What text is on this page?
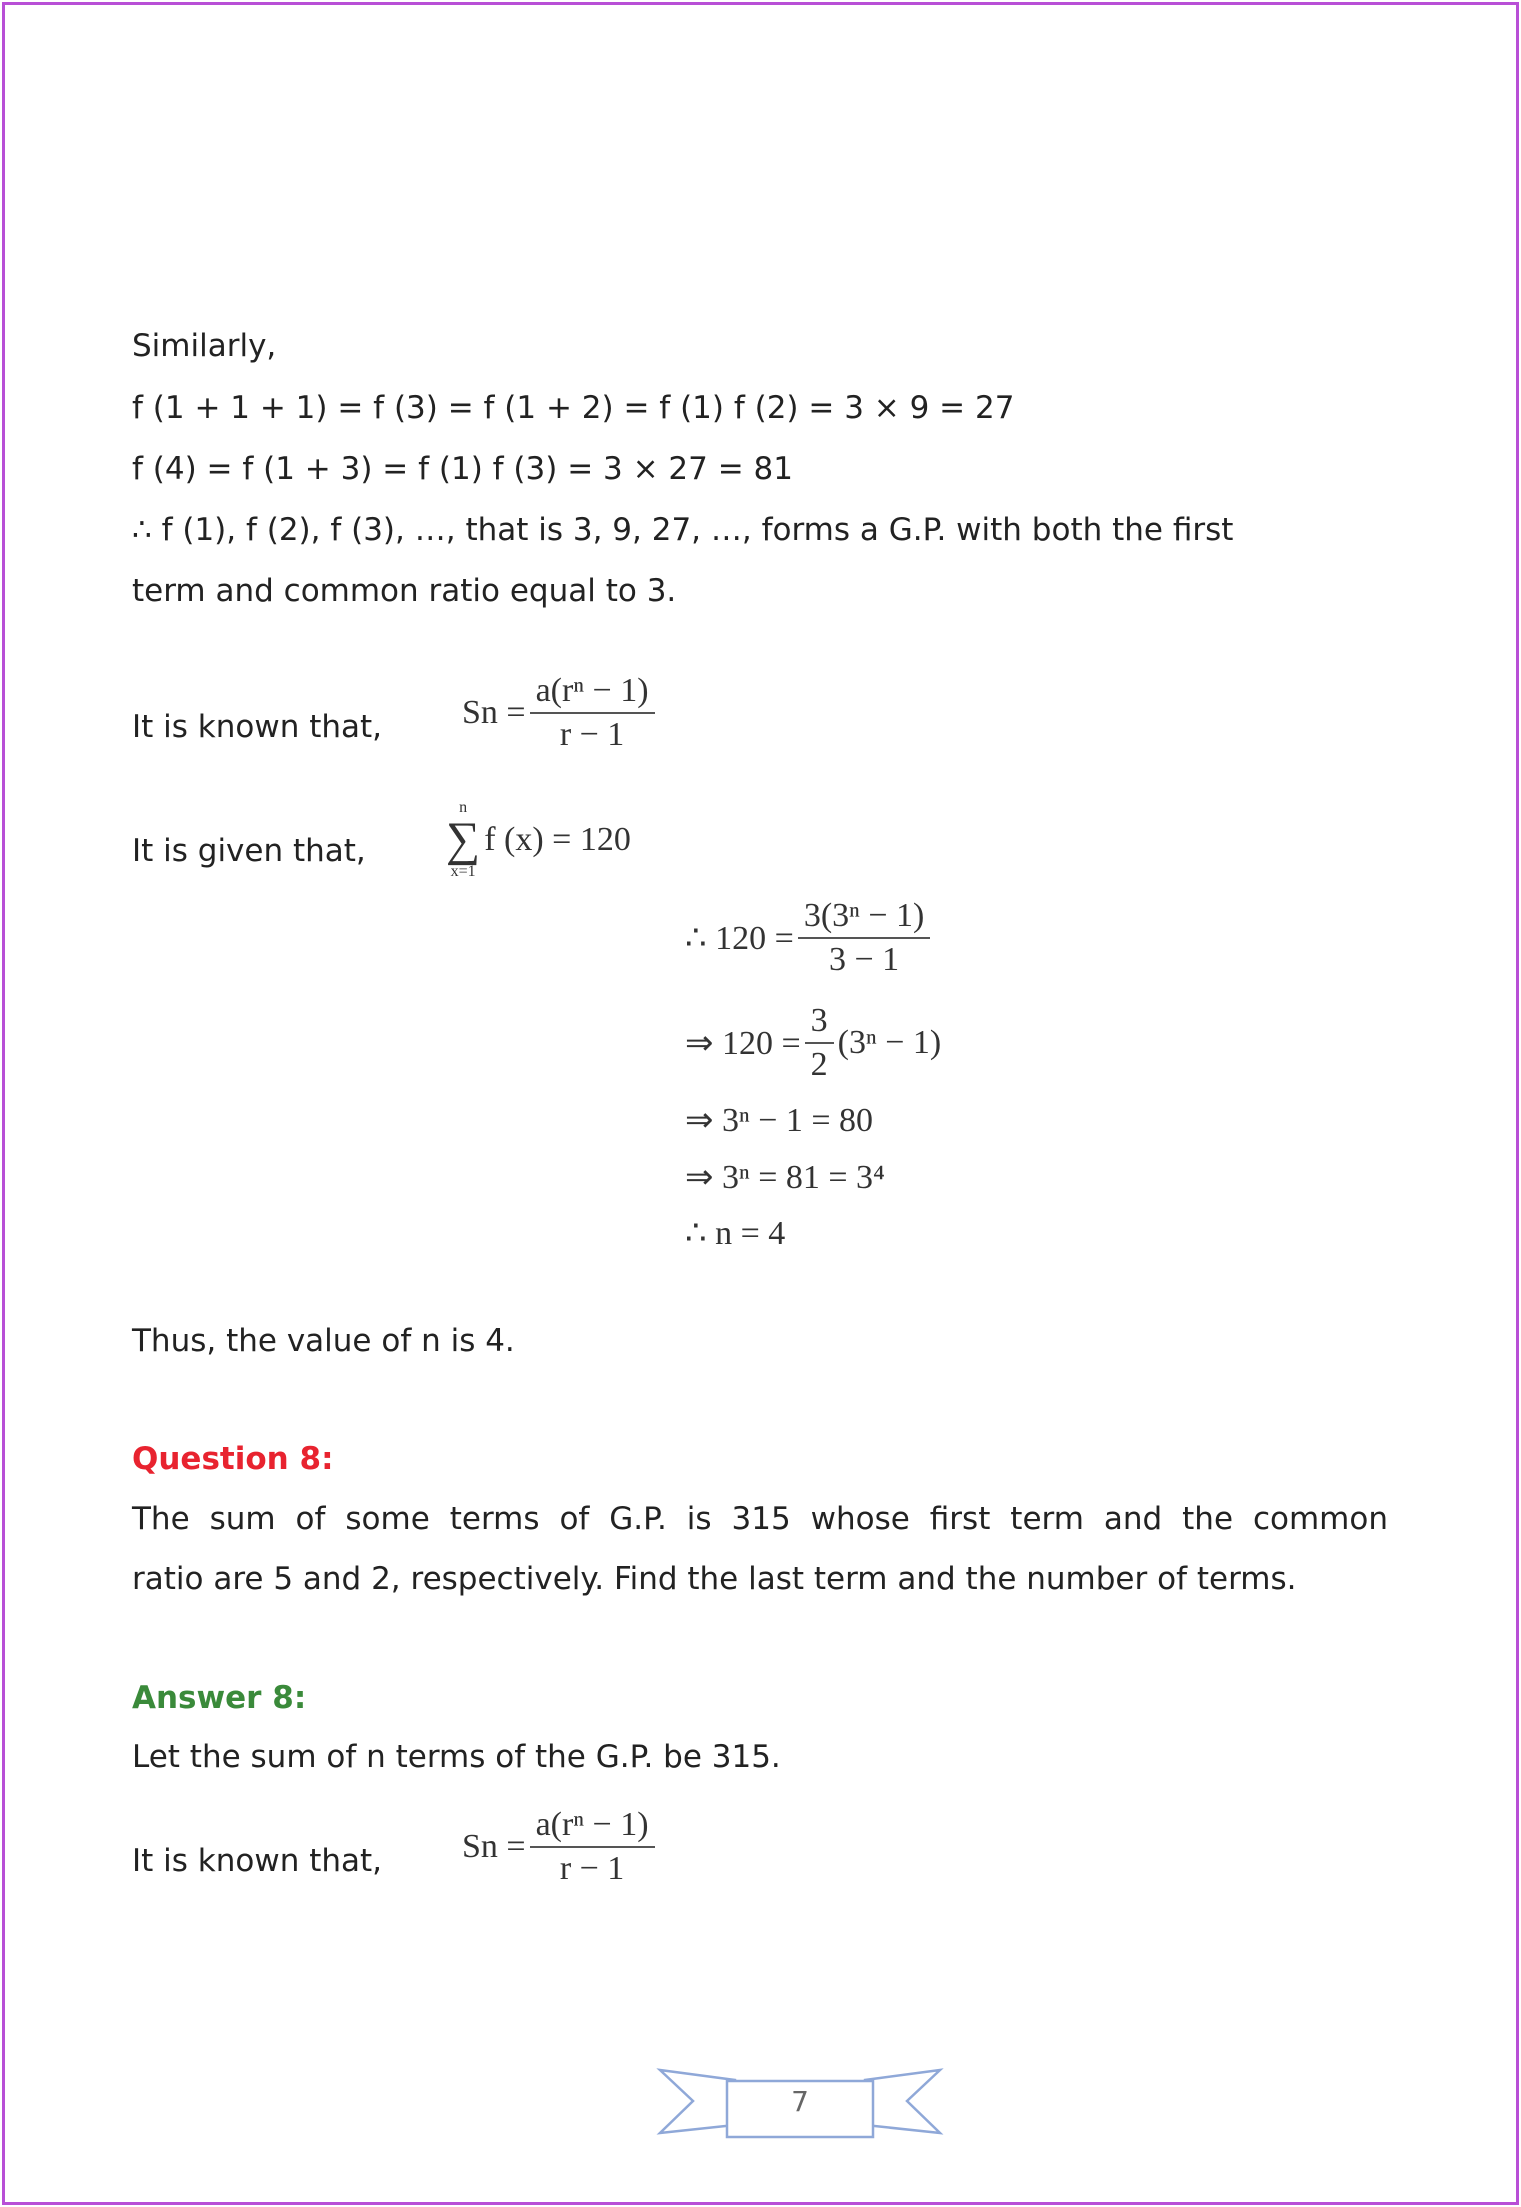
Similarly,
f (1 + 1 + 1) = f (3) = f (1 + 2) = f (1) f (2) = 3 × 9 = 27
f (4) = f (1 + 3) = f (1) f (3) = 3 × 27 = 81
∴ f (1), f (2), f (3), …, that is 3, 9, 27, …, forms a G.P. with both the first
term and common ratio equal to 3.
It is known that, $Sn = \frac{\text{a(rⁿ − 1)}}{r - 1}$
It is given that,
n
∑
x=1
f (x) = 120
∴ $120 = \frac{\text{3(3ⁿ − 1)}}{3 - 1}$
⇒ $120 = \frac{3}{2} (3^n - 1)$
⇒ 3ⁿ − 1 = 80
⇒ 3ⁿ = 81 = 3⁴
∴ n = 4
Thus, the value of n is 4.
Question 8:
The sum of some terms of G.P. is 315 whose first term and the common
ratio are 5 and 2, respectively. Find the last term and the number of terms.
Answer 8:
Let the sum of n terms of the G.P. be 315.
It is known that, $Sn = \frac{\text{a(rⁿ − 1)}}{r - 1}$
7
